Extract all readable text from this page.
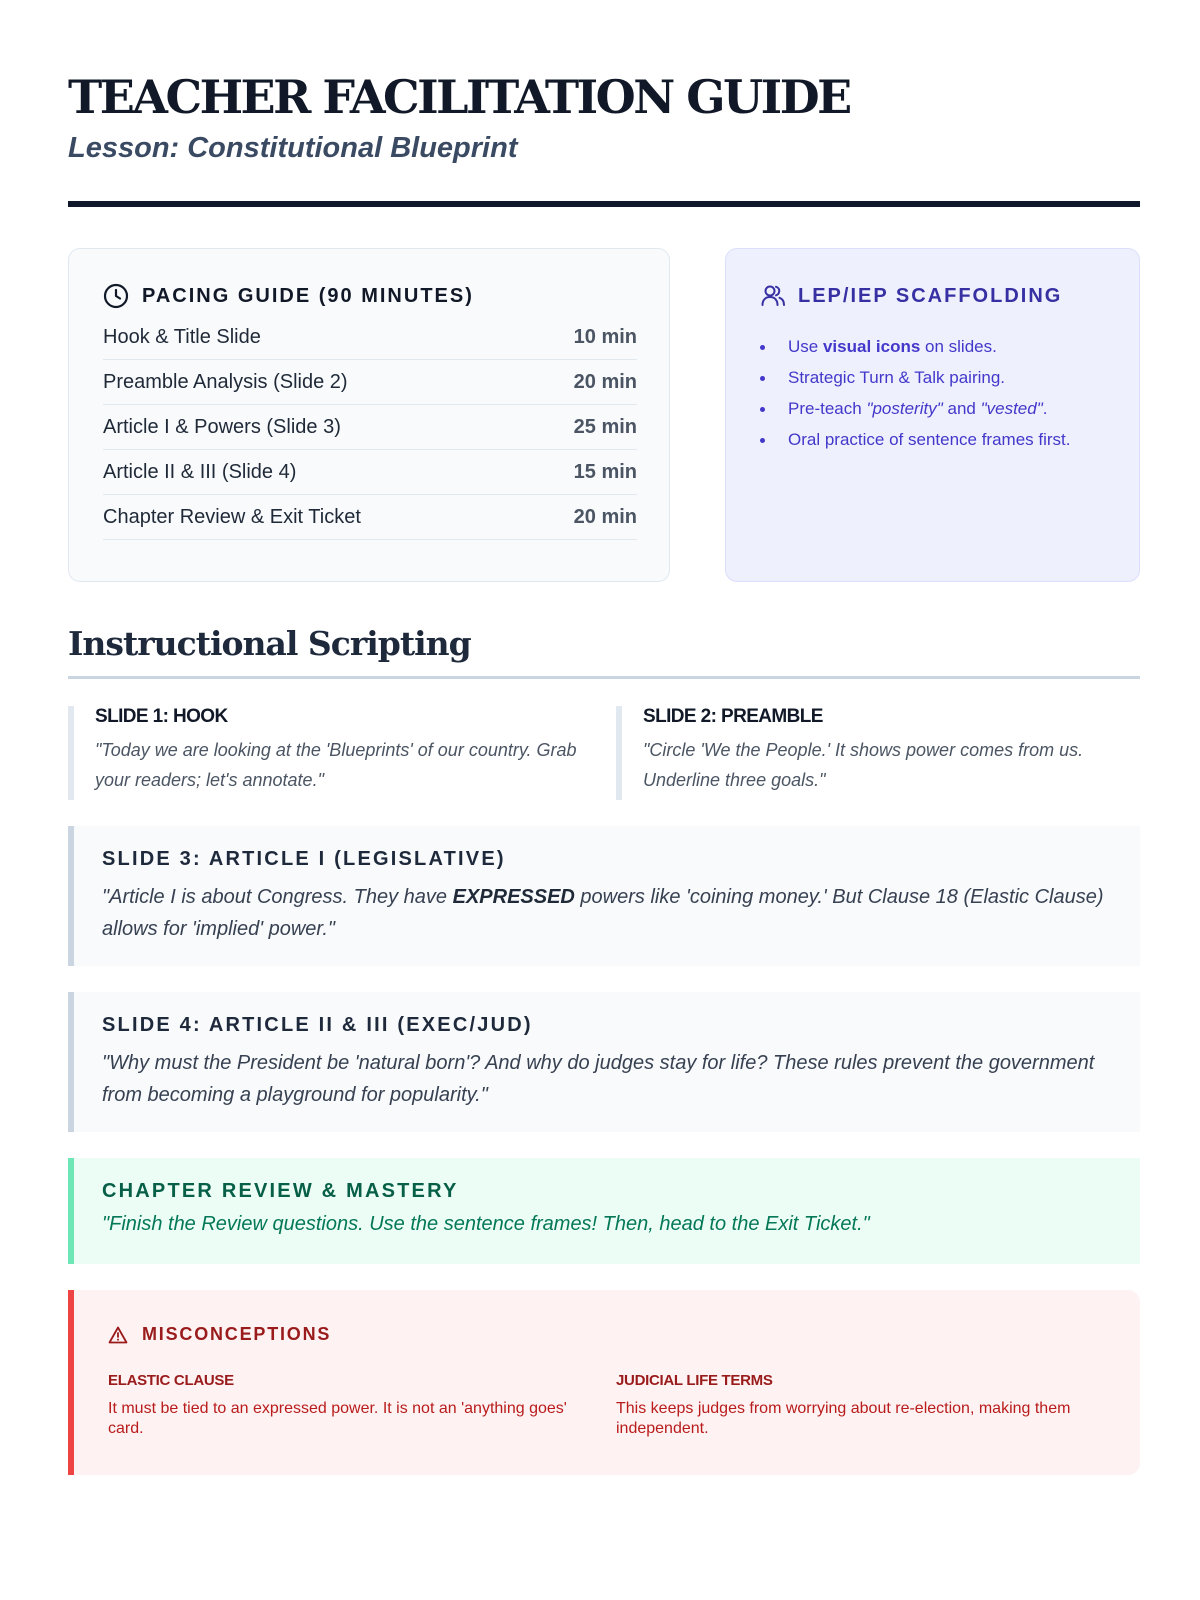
TEACHER FACILITATION GUIDE
Lesson: Constitutional Blueprint
PACING GUIDE (90 MINUTES)
Hook & Title Slide	10 min
Preamble Analysis (Slide 2)	20 min
Article I & Powers (Slide 3)	25 min
Article II & III (Slide 4)	15 min
Chapter Review & Exit Ticket	20 min
LEP/IEP SCAFFOLDING
Use visual icons on slides.
Strategic Turn & Talk pairing.
Pre-teach "posterity" and "vested".
Oral practice of sentence frames first.
Instructional Scripting
SLIDE 1: HOOK

"Today we are looking at the 'Blueprints' of our country. Grab your readers; let's annotate."

SLIDE 2: PREAMBLE

"Circle 'We the People.' It shows power comes from us. Underline three goals."

SLIDE 3: ARTICLE I (LEGISLATIVE)

"Article I is about Congress. They have EXPRESSED powers like 'coining money.' But Clause 18 (Elastic Clause) allows for 'implied' power."

SLIDE 4: ARTICLE II & III (EXEC/JUD)

"Why must the President be 'natural born'? And why do judges stay for life? These rules prevent the government from becoming a playground for popularity."

CHAPTER REVIEW & MASTERY

"Finish the Review questions. Use the sentence frames! Then, head to the Exit Ticket."

MISCONCEPTIONS
ELASTIC CLAUSE

It must be tied to an expressed power. It is not an 'anything goes' card.

JUDICIAL LIFE TERMS

This keeps judges from worrying about re-election, making them independent.
